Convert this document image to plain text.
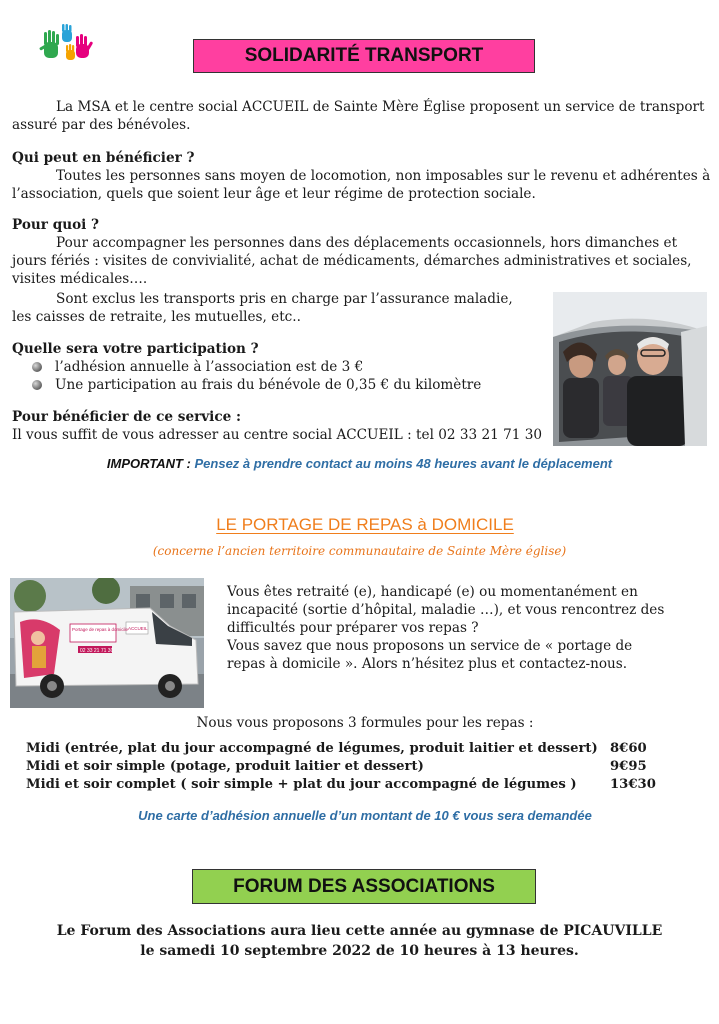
SOLIDARITÉ TRANSPORT
La MSA et le centre social ACCUEIL de Sainte Mère Église proposent un service de transport assuré par des bénévoles.
Qui peut en bénéficier ?
Toutes les personnes sans moyen de locomotion, non imposables sur le revenu et adhérentes à l’association, quels que soient leur âge et leur régime de protection sociale.
Pour quoi ?
Pour accompagner les personnes dans des déplacements occasionnels, hors dimanches et jours fériés : visites de convivialité, achat de médicaments, démarches administratives et sociales, visites médicales….
Sont exclus les transports pris en charge par l’assurance maladie, les caisses de retraite, les mutuelles, etc..
Quelle sera votre participation ?
l’adhésion annuelle à l’association est de 3 €
Une participation au frais du bénévole de 0,35 € du kilomètre
Pour bénéficier de ce service :
Il vous suffit de vous adresser au centre social ACCUEIL : tel 02 33 21 71 30
IMPORTANT : Pensez à prendre contact au moins 48 heures avant le déplacement
LE PORTAGE DE REPAS à DOMICILE
(concerne l’ancien territoire communautaire de Sainte Mère église)
Portage de repas à domicile
02 33 21 71 30
ACCUEIL
Vous êtes retraité (e), handicapé (e) ou momentanément en incapacité (sortie d’hôpital, maladie …), et vous rencontrez des difficultés pour préparer vos repas ?
Vous savez que nous proposons un service de « portage de repas à domicile ». Alors n’hésitez plus et contactez-nous.
Nous vous proposons 3 formules pour les repas :
Midi (entrée, plat du jour accompagné de légumes, produit laitier et dessert) 8€60
Midi et soir simple (potage, produit laitier et dessert)	9€95
Midi et soir complet ( soir simple + plat du jour accompagné de légumes )	13€30
Une carte d’adhésion annuelle d’un montant de 10 € vous sera demandée
FORUM DES ASSOCIATIONS
Le Forum des Associations aura lieu cette année au gymnase de PICAUVILLE
le samedi 10 septembre 2022 de 10 heures à 13 heures.
